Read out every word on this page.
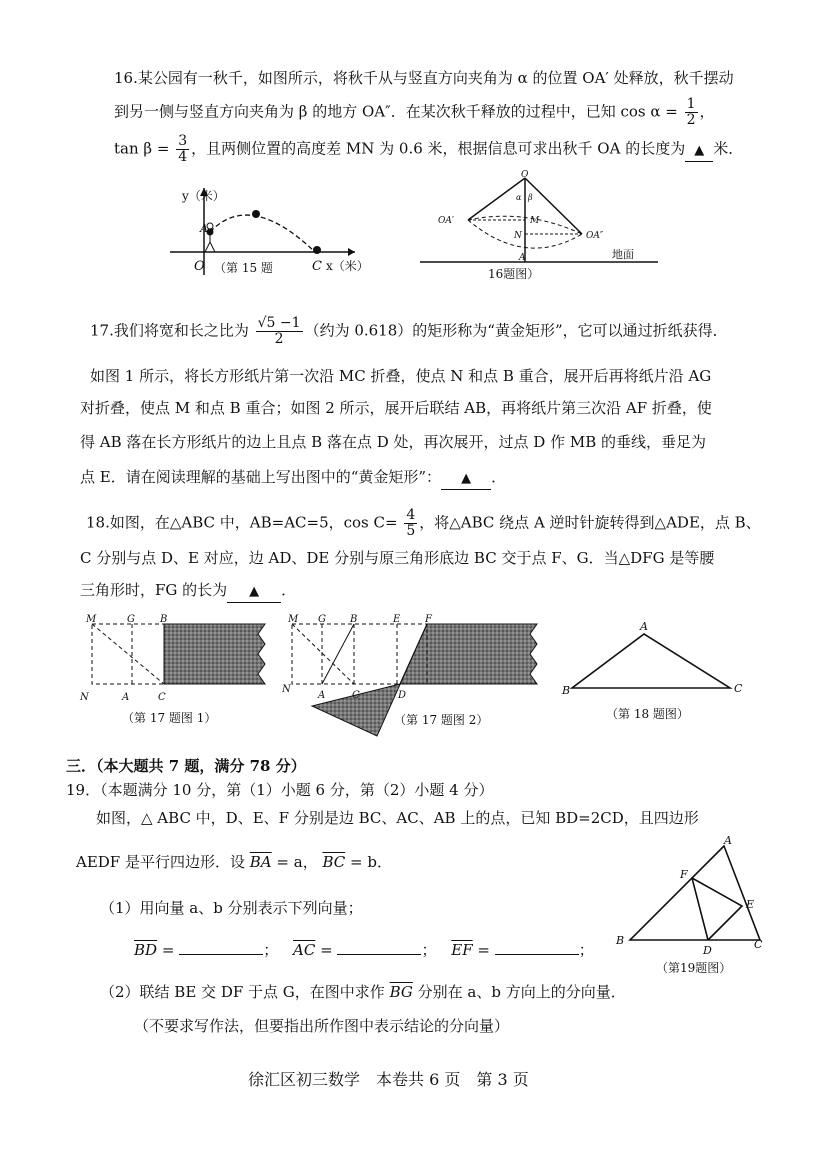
16.某公园有一秋千，如图所示，将秋千从与竖直方向夹角为 α 的位置 OA′ 处释放，秋千摆动
到另一侧与竖直方向夹角为 β 的地方 OA″．在某次秋千释放的过程中，已知 $\cos \alpha = \frac{1}{2}$ ，
$\tan \beta = \frac{3}{4}$ ，且两侧位置的高度差 MN 为 0.6 米，根据信息可求出秋千 OA 的长度为 ▲ 米．
y（米）
O	C x（米）
A
（第 15 题
O
α β
OA′	M
N	OA″
A	地面
16题图）
17.我们将宽和长之比为 $\frac{√5 -1}{2}$ （约为 0.618）的矩形称为“黄金矩形”，它可以通过折纸获得．
如图 1 所示，将长方形纸片第一次沿 MC 折叠，使点 N 和点 B 重合，展开后再将纸片沿 AG
对折叠，使点 M 和点 B 重合；如图 2 所示，展开后联结 AB，再将纸片第三次沿 AF 折叠，使
得 AB 落在长方形纸片的边上且点 B 落在点 D 处，再次展开，过点 D 作 MB 的垂线，垂足为
点 E．请在阅读理解的基础上写出图中的“黄金矩形”： ▲ ．
18.如图，在△ABC 中，AB=AC=5，$\cos C= \frac{4}{5}$ ，将△ABC 绕点 A 逆时针旋转得到△ADE，点 B、
C 分别与点 D、E 对应，边 AD、DE 分别与原三角形底边 BC 交于点 F、G．当△DFG 是等腰
三角形时，FG 的长为 ▲ ．
M	G	B
N	A	C
（第 17 题图 1）
M G B	E F
N
A	C	D
（第 17 题图 2）
A
B	C
（第 18 题图）
三．（本大题共 7 题，满分 78 分）
19．（本题满分 10 分，第（1）小题 6 分，第（2）小题 4 分）
如图，△ ABC 中，D、E、F 分别是边 BC、AC、AB 上的点，已知 BD=2CD，且四边形
AEDF 是平行四边形．设 $\overline{BA} = a$， $\overline{BC} = b$．
（1）用向量 a、b 分别表示下列向量；
$\overline{BD}$ =	； $\overline{AC}$ =	； $\overline{EF}$ =	；
（2）联结 BE 交 DF 于点 G，在图中求作 $\overline{BG}$ 分别在 a、b 方向上的分向量．
（不要求写作法，但要指出所作图中表示结论的分向量）
A
F
E
B
D	C
（第19题图）
徐汇区初三数学　本卷共 6 页　第 3 页
